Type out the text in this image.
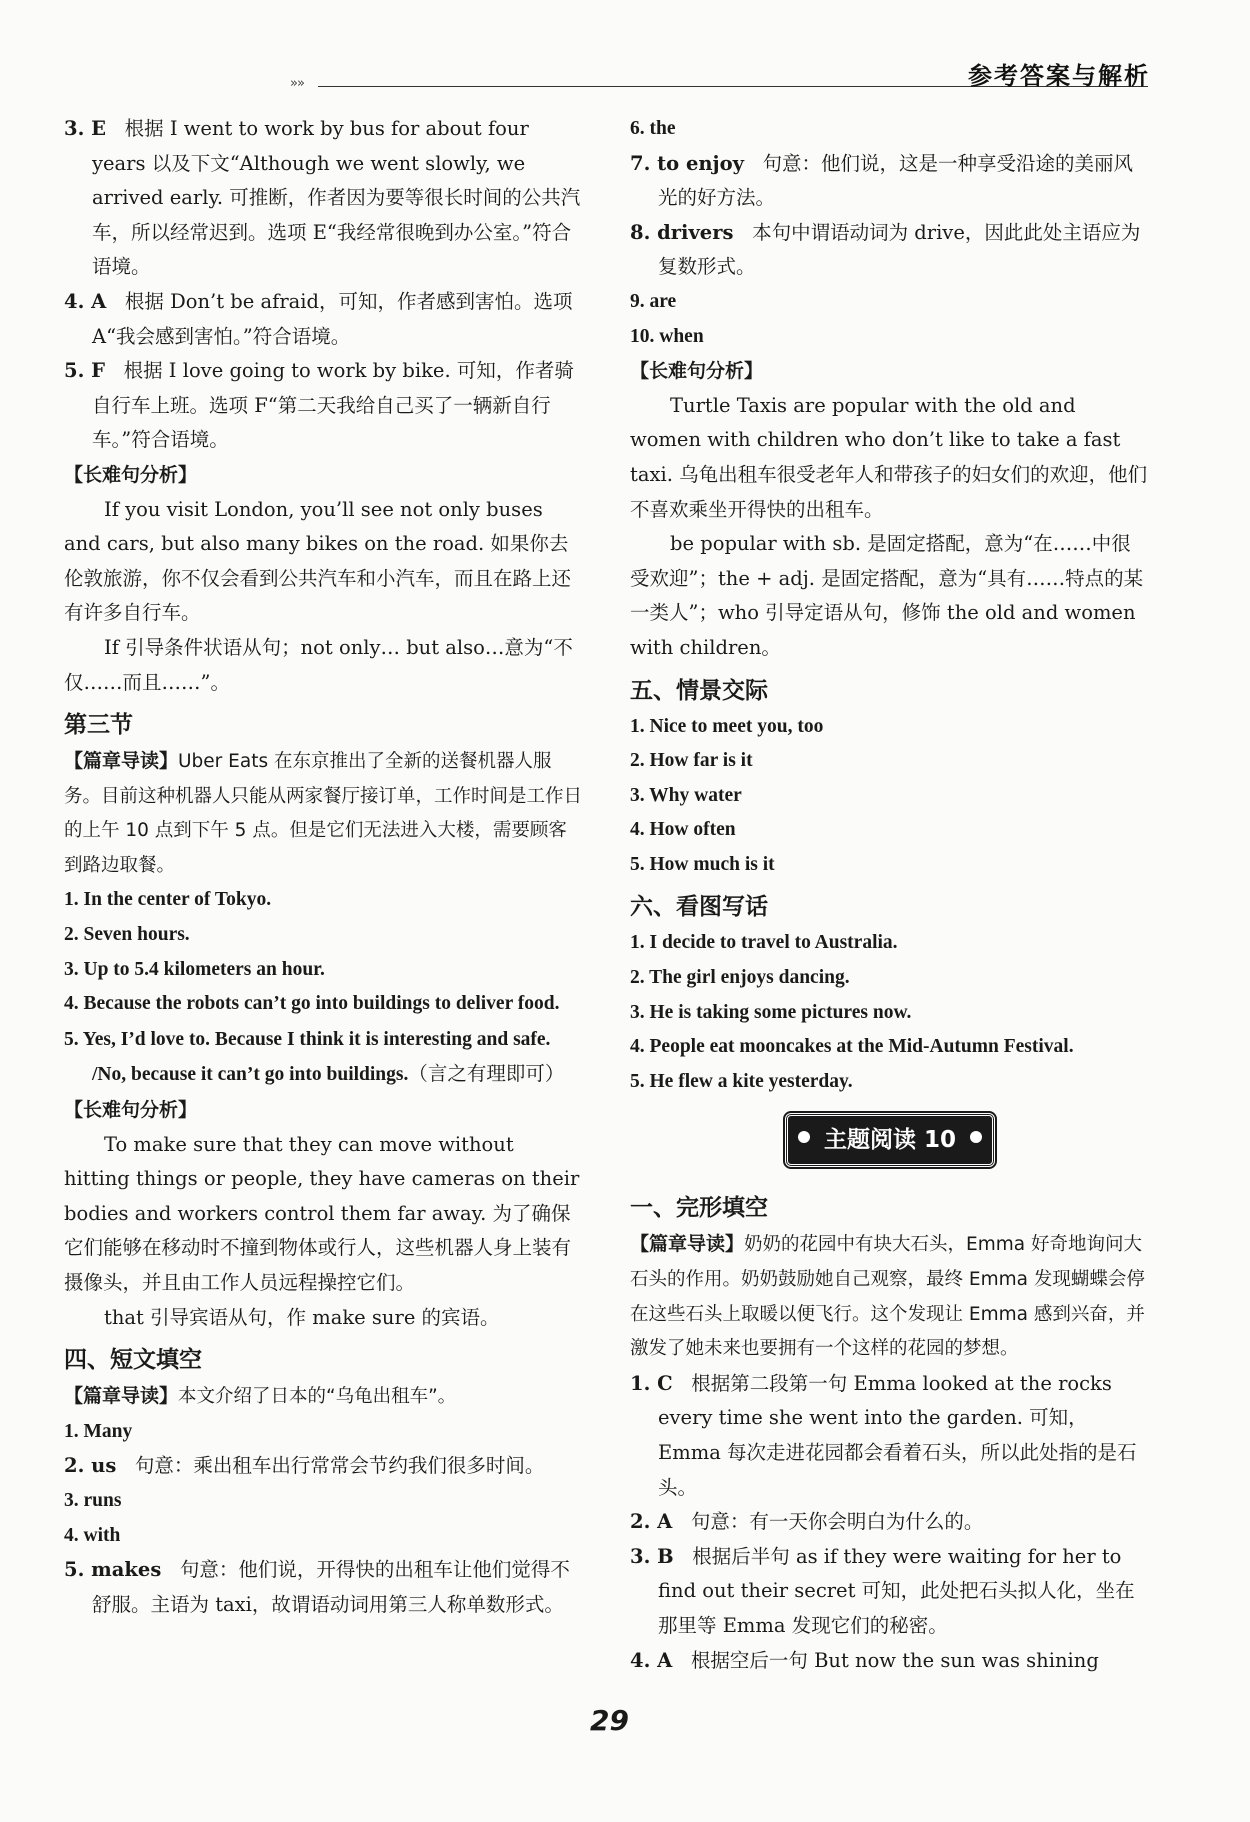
»»	参考答案与解析

3. E 根据 I went to work by bus for about four years 以及下文“Although we went slowly, we arrived early. 可推断，作者因为要等很长时间的公共汽车，所以经常迟到。选项 E“我经常很晚到办公室。”符合语境。

4. A 根据 Don’t be afraid，可知，作者感到害怕。选项 A“我会感到害怕。”符合语境。

5. F 根据 I love going to work by bike. 可知，作者骑自行车上班。选项 F“第二天我给自己买了一辆新自行车。”符合语境。

【长难句分析】

If you visit London, you’ll see not only buses and cars, but also many bikes on the road. 如果你去伦敦旅游，你不仅会看到公共汽车和小汽车，而且在路上还有许多自行车。

If 引导条件状语从句；not only… but also…意为“不仅……而且……”。

第三节

【篇章导读】Uber Eats 在东京推出了全新的送餐机器人服务。目前这种机器人只能从两家餐厅接订单，工作时间是工作日的上午 10 点到下午 5 点。但是它们无法进入大楼，需要顾客到路边取餐。

1. In the center of Tokyo.

2. Seven hours.

3. Up to 5.4 kilometers an hour.

4. Because the robots can’t go into buildings to deliver food.

5. Yes, I’d love to. Because I think it is interesting and safe. /No, because it can’t go into buildings.（言之有理即可）

【长难句分析】

To make sure that they can move without hitting things or people, they have cameras on their bodies and workers control them far away. 为了确保它们能够在移动时不撞到物体或行人，这些机器人身上装有摄像头，并且由工作人员远程操控它们。

that 引导宾语从句，作 make sure 的宾语。

四、短文填空

【篇章导读】本文介绍了日本的“乌龟出租车”。

1. Many

2. us 句意：乘出租车出行常常会节约我们很多时间。

3. runs

4. with

5. makes 句意：他们说，开得快的出租车让他们觉得不舒服。主语为 taxi，故谓语动词用第三人称单数形式。

6. the

7. to enjoy 句意：他们说，这是一种享受沿途的美丽风光的好方法。

8. drivers 本句中谓语动词为 drive，因此此处主语应为复数形式。

9. are

10. when

【长难句分析】

Turtle Taxis are popular with the old and women with children who don’t like to take a fast taxi. 乌龟出租车很受老年人和带孩子的妇女们的欢迎，他们不喜欢乘坐开得快的出租车。

be popular with sb. 是固定搭配，意为“在……中很受欢迎”；the + adj. 是固定搭配，意为“具有……特点的某一类人”；who 引导定语从句，修饰 the old and women with children。

五、情景交际

1. Nice to meet you, too

2. How far is it

3. Why water

4. How often

5. How much is it

六、看图写话

1. I decide to travel to Australia.

2. The girl enjoys dancing.

3. He is taking some pictures now.

4. People eat mooncakes at the Mid-Autumn Festival.

5. He flew a kite yesterday.

主题阅读 10

一、完形填空

【篇章导读】奶奶的花园中有块大石头，Emma 好奇地询问大石头的作用。奶奶鼓励她自己观察，最终 Emma 发现蝴蝶会停在这些石头上取暖以便飞行。这个发现让 Emma 感到兴奋，并激发了她未来也要拥有一个这样的花园的梦想。

1. C 根据第二段第一句 Emma looked at the rocks every time she went into the garden. 可知，Emma 每次走进花园都会看着石头，所以此处指的是石头。

2. A 句意：有一天你会明白为什么的。

3. B 根据后半句 as if they were waiting for her to find out their secret 可知，此处把石头拟人化，坐在那里等 Emma 发现它们的秘密。

4. A 根据空后一句 But now the sun was shining

29
